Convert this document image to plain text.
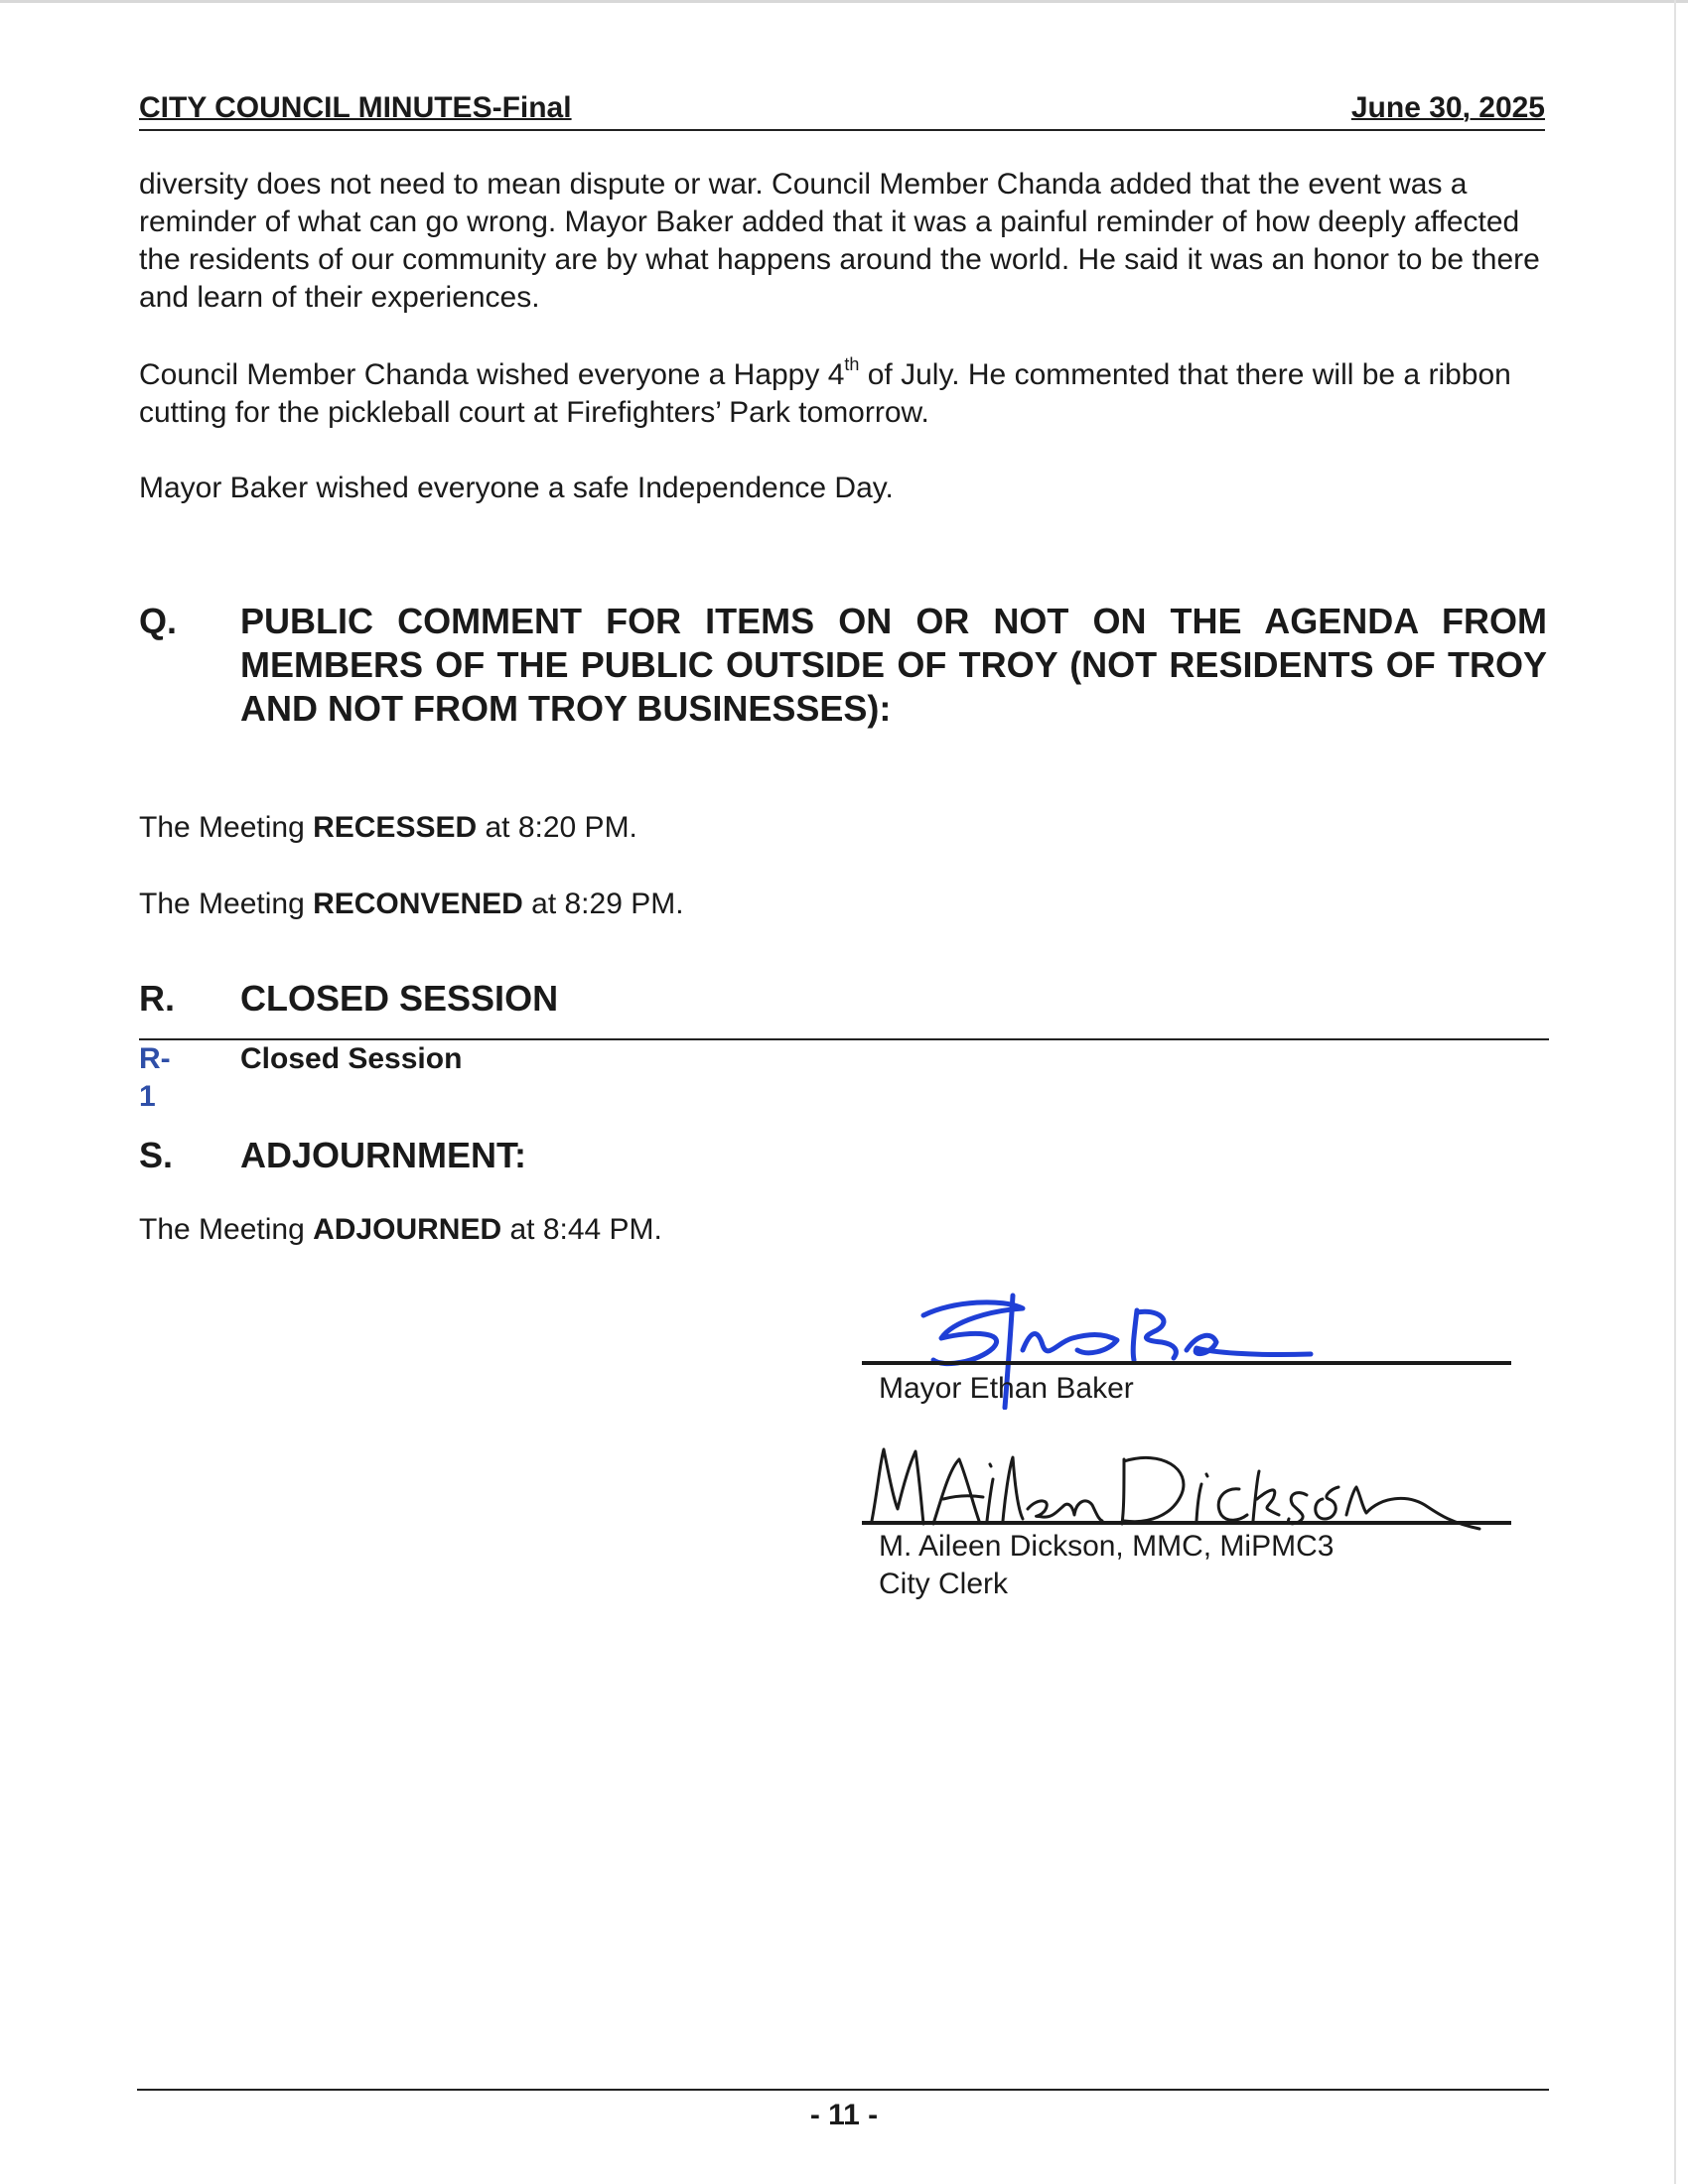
CITY COUNCIL MINUTES-Final	June 30, 2025

diversity does not need to mean dispute or war. Council Member Chanda added that the event was a reminder of what can go wrong. Mayor Baker added that it was a painful reminder of how deeply affected the residents of our community are by what happens around the world. He said it was an honor to be there and learn of their experiences.

Council Member Chanda wished everyone a Happy 4th of July. He commented that there will be a ribbon cutting for the pickleball court at Firefighters’ Park tomorrow.

Mayor Baker wished everyone a safe Independence Day.

Q. PUBLIC COMMENT FOR ITEMS ON OR NOT ON THE AGENDA FROM MEMBERS OF THE PUBLIC OUTSIDE OF TROY (NOT RESIDENTS OF TROY AND NOT FROM TROY BUSINESSES):

The Meeting RECESSED at 8:20 PM.

The Meeting RECONVENED at 8:29 PM.

R. CLOSED SESSION
R-1
Closed Session
S. ADJOURNMENT:

The Meeting ADJOURNED at 8:44 PM.

Mayor Ethan Baker
M. Aileen Dickson, MMC, MiPMC3
City Clerk
- 11 -
